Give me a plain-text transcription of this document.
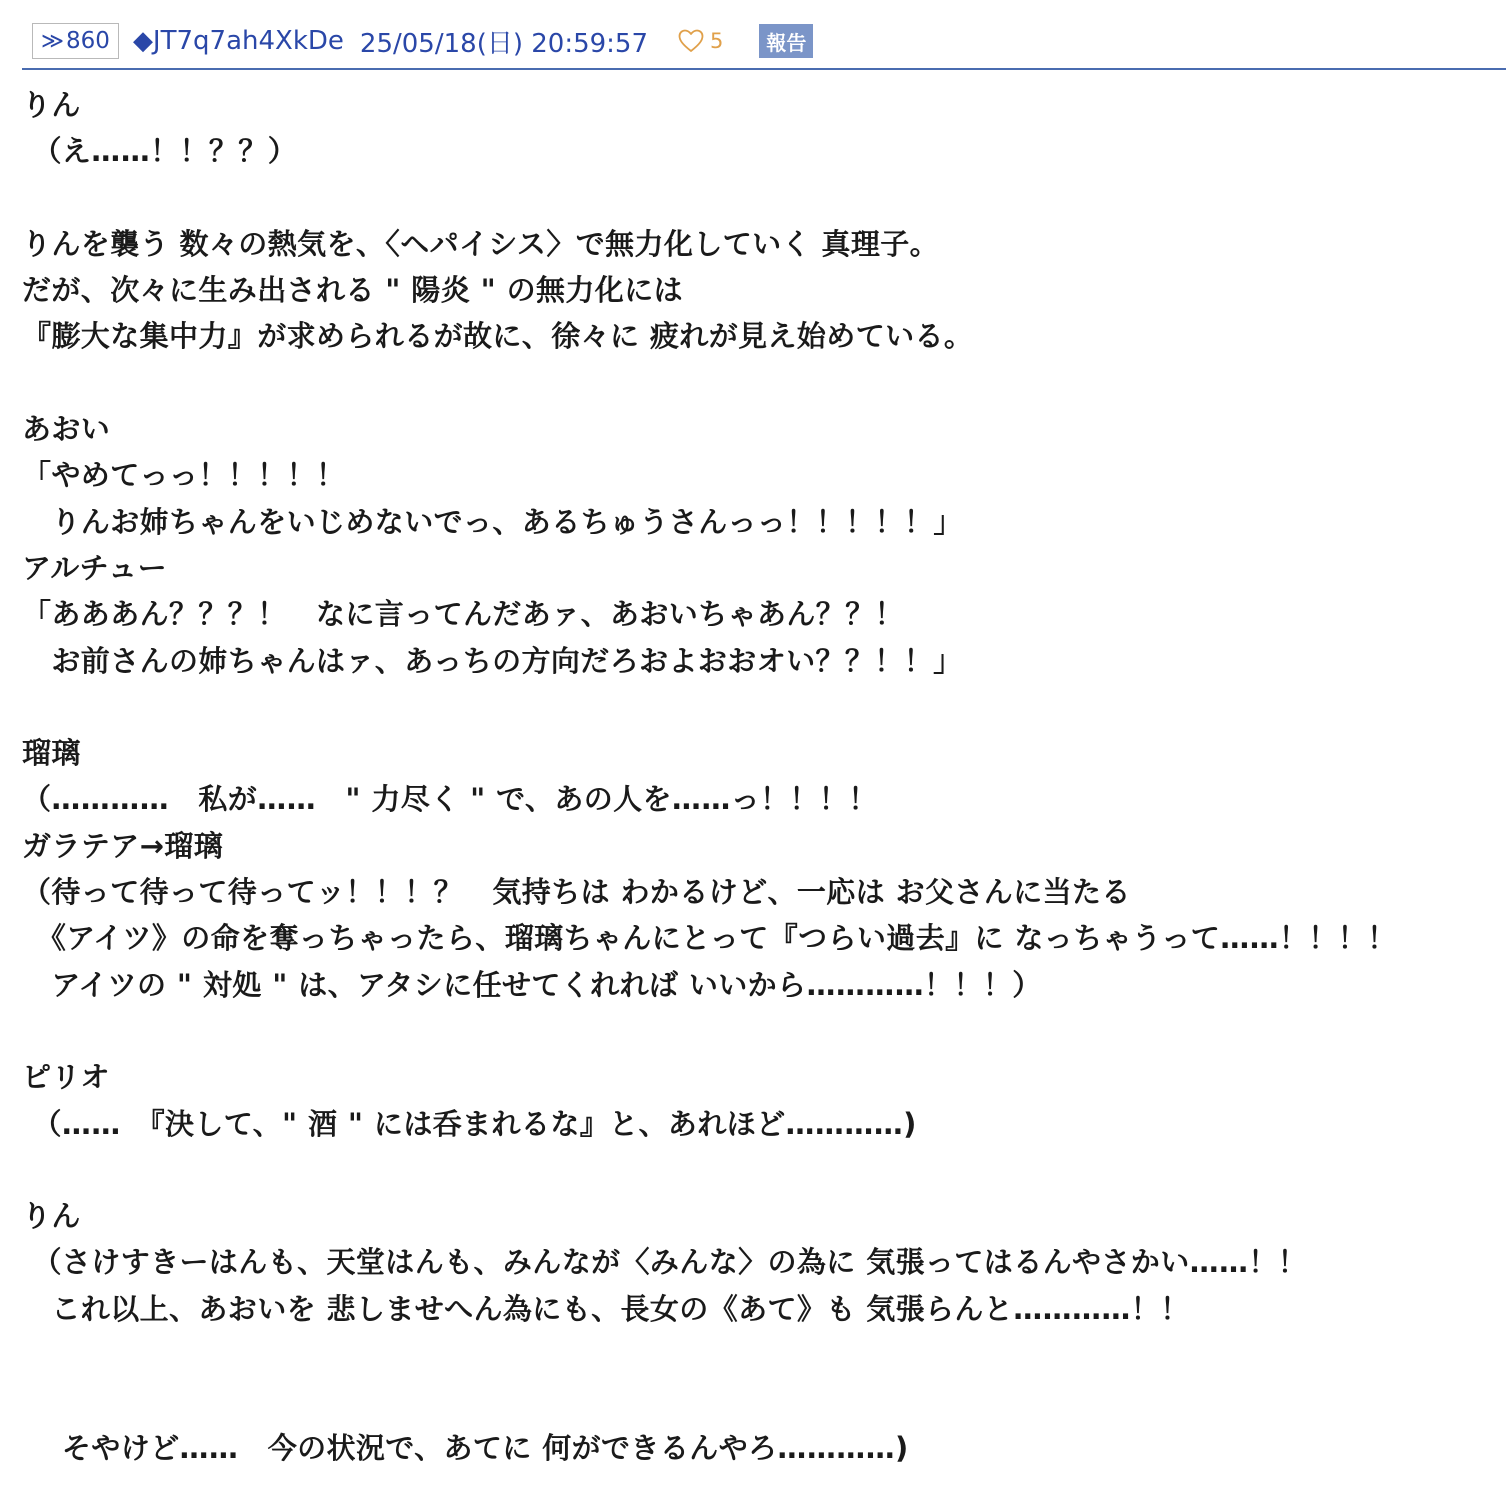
≫ 860 ◆JT7q7ah4XkDe 25/05/18(日) 20:59:57	5	報告
りん
（え……！！？？）
りんを襲う 数々の熱気を、〈ヘパイシス〉で無力化していく 真理子。
だが、次々に生み出される " 陽炎 " の無力化には
『膨大な集中力』が求められるが故に、徐々に 疲れが見え始めている。
あおい
「やめてっっ！！！！！
　りんお姉ちゃんをいじめないでっ、あるちゅうさんっっ！！！！！」
アルチュー
「あああん？？？！　なに言ってんだあァ、あおいちゃあん？？！
　お前さんの姉ちゃんはァ、あっちの方向だろおよおおオい？？！！」
瑠璃
（…………　私が……　" 力尽く " で、あの人を……っ！！！！
ガラテア→瑠璃
（待って待って待ってッ！！！？　気持ちは わかるけど、一応は お父さんに当たる
　《アイツ》の命を奪っちゃったら、瑠璃ちゃんにとって『つらい過去』に なっちゃうって……！！！！
　アイツの " 対処 " は、アタシに任せてくれれば いいから…………！！！）
ピリオ
（……　『決して、" 酒 " には呑まれるな』と、あれほど…………)
りん
（さけすきーはんも、天堂はんも、みんなが〈みんな〉の為に 気張ってはるんやさかい……！！
　これ以上、あおいを 悲しませへん為にも、長女の《あて》も 気張らんと…………！！
　 そやけど……　今の状況で、あてに 何ができるんやろ…………)
